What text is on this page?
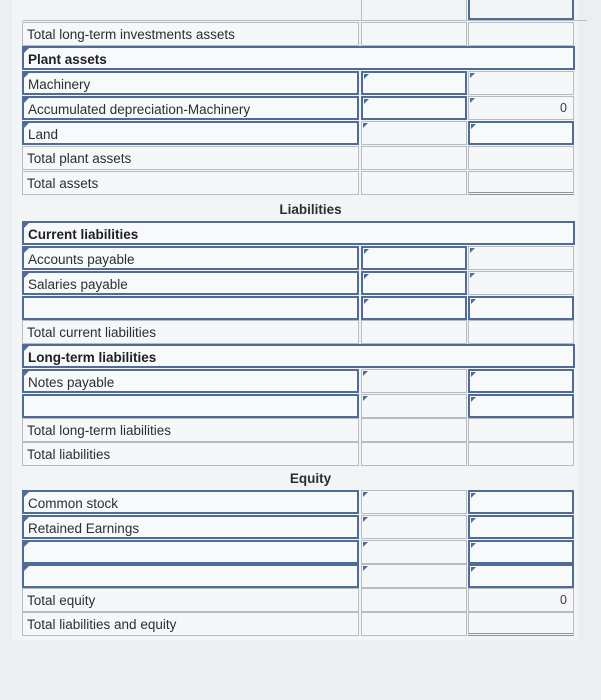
Total long-term investments assets
Plant assets
Machinery
Accumulated depreciation-Machinery	0
Land
Total plant assets
Total assets
Liabilities
Current liabilities
Accounts payable
Salaries payable
Total current liabilities
Long-term liabilities
Notes payable
Total long-term liabilities
Total liabilities
Equity
Common stock
Retained Earnings
Total equity	0
Total liabilities and equity
